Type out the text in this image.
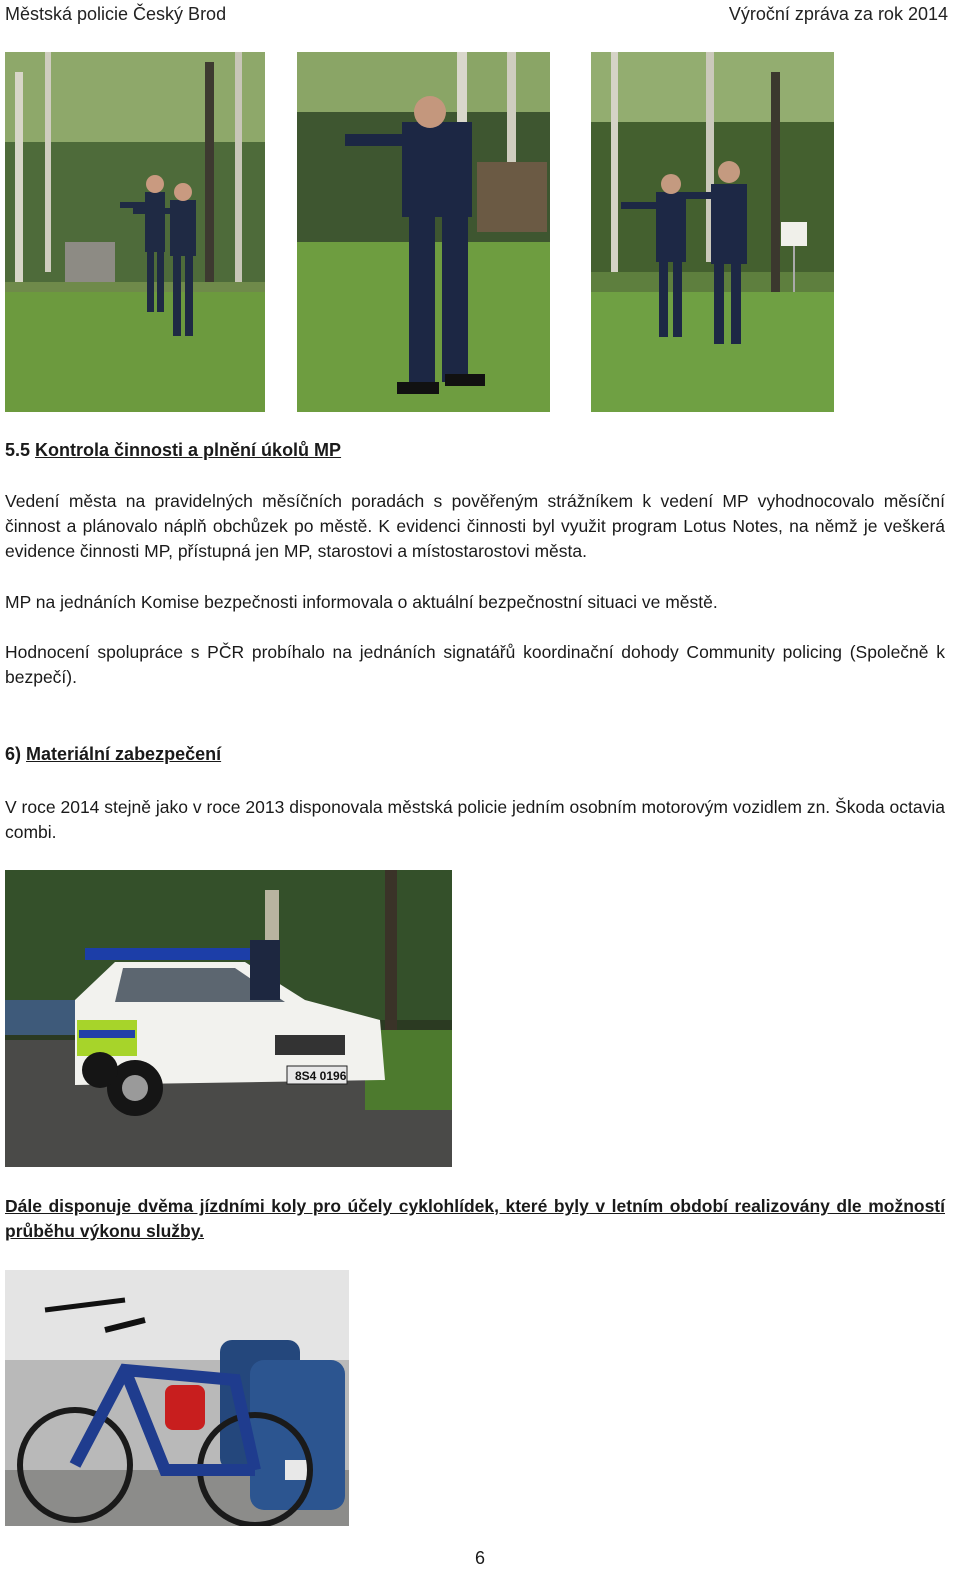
Městská policie Český Brod	Výroční zpráva za rok 2014
5.5 Kontrola činnosti a plnění úkolů MP

Vedení města na pravidelných měsíčních poradách s pověřeným strážníkem k vedení MP vyhodnocovalo měsíční činnost a plánovalo náplň obchůzek po městě. K evidenci činnosti byl využit program Lotus Notes, na němž je veškerá evidence činnosti MP, přístupná jen MP, starostovi a místostarostovi města.

MP na jednáních Komise bezpečnosti informovala o aktuální bezpečnostní situaci ve městě.

Hodnocení spolupráce s PČR probíhalo na jednáních signatářů koordinační dohody Community policing (Společně k bezpečí).

6) Materiální zabezpečení

V roce 2014 stejně jako v roce 2013 disponovala městská policie jedním osobním motorovým vozidlem zn. Škoda octavia combi.

8S4 0196

Dále disponuje dvěma jízdními koly pro účely cyklohlídek, které byly v letním období realizovány dle možností průběhu výkonu služby.

6
